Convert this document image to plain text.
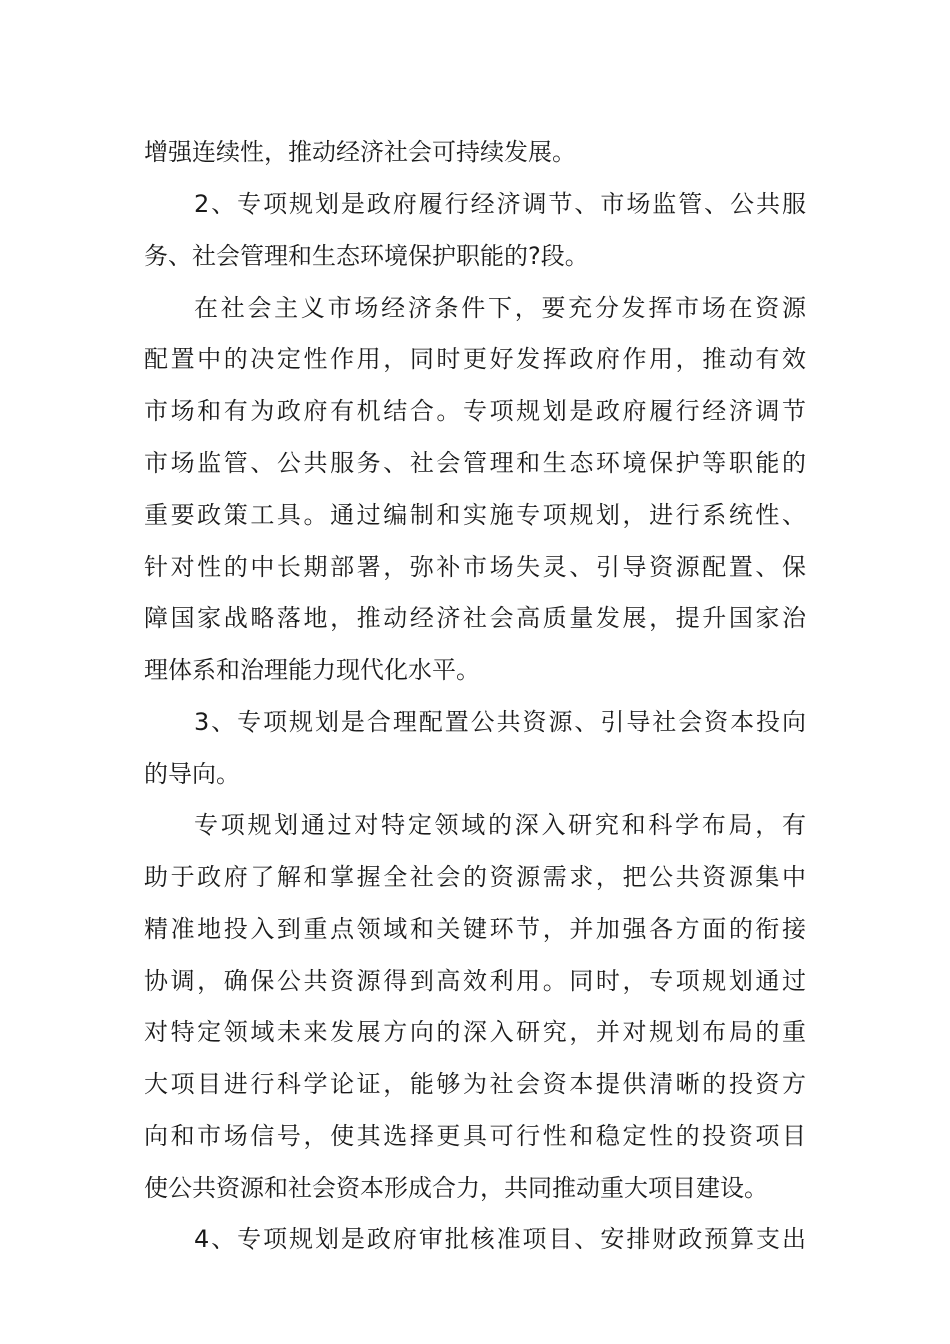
增强连续性，推动经济社会可持续发展。
2、专项规划是政府履行经济调节、市场监管、公共服
务、社会管理和生态环境保护职能的?段。
在社会主义市场经济条件下，要充分发挥市场在资源
配置中的决定性作用，同时更好发挥政府作用，推动有效
市场和有为政府有机结合。专项规划是政府履行经济调节
市场监管、公共服务、社会管理和生态环境保护等职能的
重要政策工具。通过编制和实施专项规划，进行系统性、
针对性的中长期部署，弥补市场失灵、引导资源配置、保
障国家战略落地，推动经济社会高质量发展，提升国家治
理体系和治理能力现代化水平。
3、专项规划是合理配置公共资源、引导社会资本投向
的导向。
专项规划通过对特定领域的深入研究和科学布局，有
助于政府了解和掌握全社会的资源需求，把公共资源集中
精准地投入到重点领域和关键环节，并加强各方面的衔接
协调，确保公共资源得到高效利用。同时，专项规划通过
对特定领域未来发展方向的深入研究，并对规划布局的重
大项目进行科学论证，能够为社会资本提供清晰的投资方
向和市场信号，使其选择更具可行性和稳定性的投资项目
使公共资源和社会资本形成合力，共同推动重大项目建设。
4、专项规划是政府审批核准项目、安排财政预算支出
